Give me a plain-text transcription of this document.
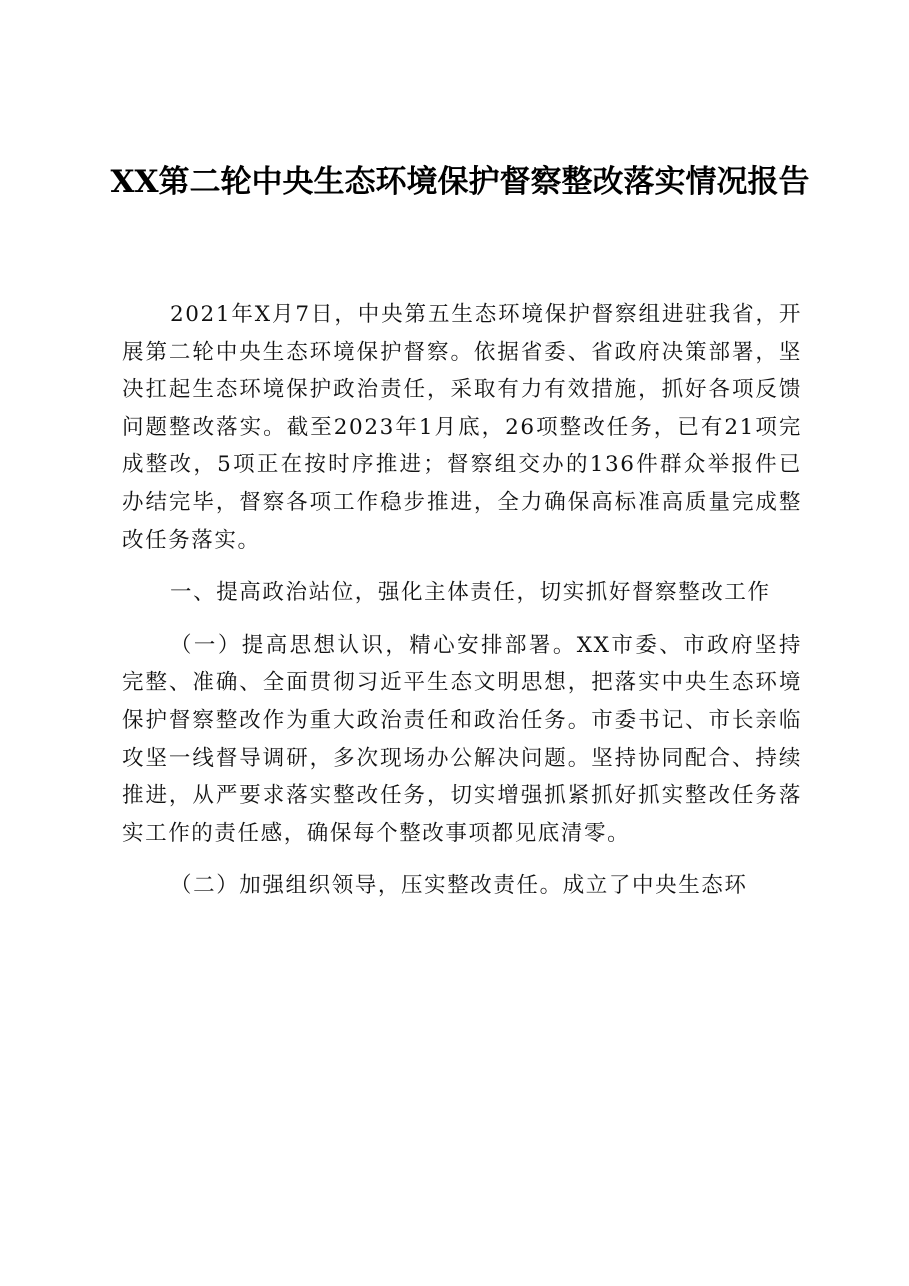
XX第二轮中央生态环境保护督察整改落实情况报告

2021年X月7日，中央第五生态环境保护督察组进驻我省，开展第二轮中央生态环境保护督察。依据省委、省政府决策部署，坚决扛起生态环境保护政治责任，采取有力有效措施，抓好各项反馈问题整改落实。截至2023年1月底，26项整改任务，已有21项完成整改，5项正在按时序推进；督察组交办的136件群众举报件已办结完毕，督察各项工作稳步推进，全力确保高标准高质量完成整改任务落实。

一、提高政治站位，强化主体责任，切实抓好督察整改工作

（一）提高思想认识，精心安排部署。XX市委、市政府坚持完整、准确、全面贯彻习近平生态文明思想，把落实中央生态环境保护督察整改作为重大政治责任和政治任务。市委书记、市长亲临攻坚一线督导调研，多次现场办公解决问题。坚持协同配合、持续推进，从严要求落实整改任务，切实增强抓紧抓好抓实整改任务落实工作的责任感，确保每个整改事项都见底清零。

（二）加强组织领导，压实整改责任。成立了中央生态环
